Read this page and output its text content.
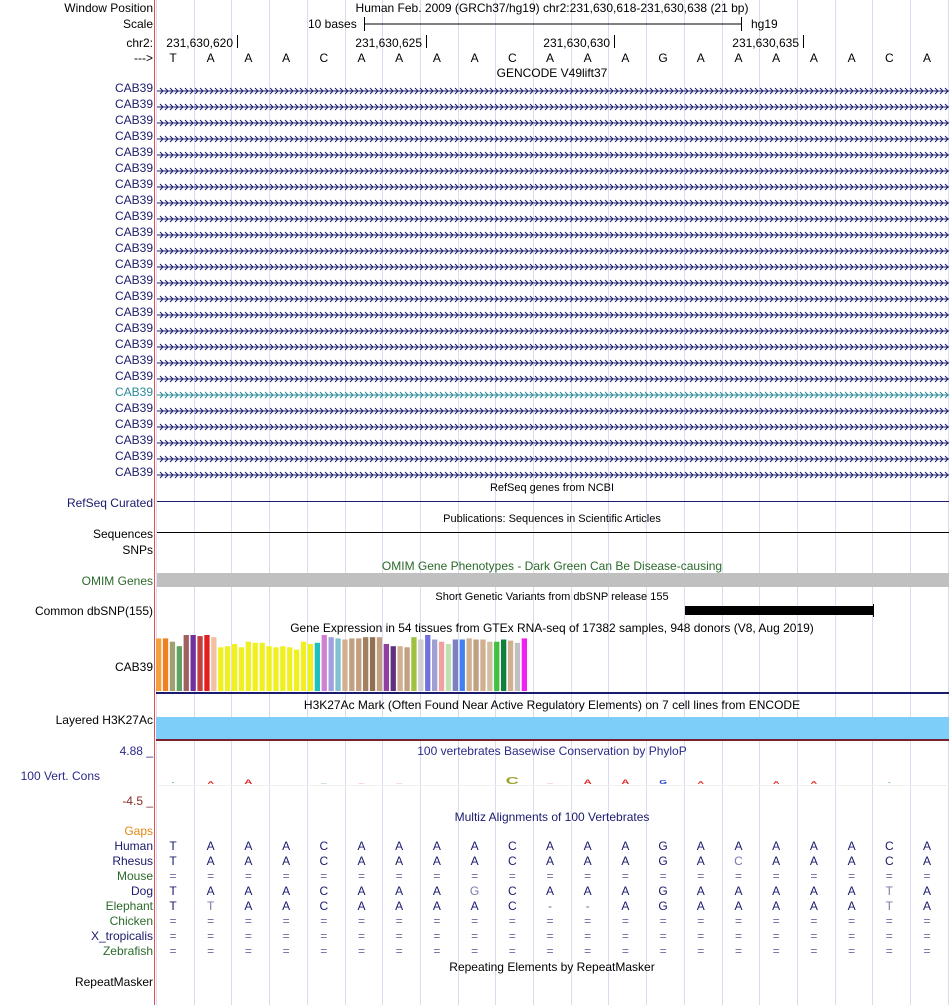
Window Position	Human Feb. 2009 (GRCh37/hg19) chr2:231,630,618-231,630,638 (21 bp)
Scale	10 bases	hg19
chr2: 231,630,620	231,630,625	231,630,630	231,630,635
---> T	A A A C A A A A C A A A G A A A A A C A
GENCODE V49lift37
CAB39
CAB39
CAB39
CAB39
CAB39
CAB39
CAB39
CAB39
CAB39
CAB39
CAB39
CAB39
CAB39
CAB39
CAB39
CAB39
CAB39
CAB39
CAB39
CAB39
CAB39
CAB39
CAB39
CAB39
CAB39
RefSeq Curated
RefSeq genes from NCBI
Sequences
Publications: Sequences in Scientific Articles
SNPs
OMIM Gene Phenotypes - Dark Green Can Be Disease-causing
OMIM Genes
Short Genetic Variants from dbSNP release 155
Common dbSNP(155)
Gene Expression in 54 tissues from GTEx RNA-seq of 17382 samples, 948 donors (V8, Aug 2019)
CAB39
H3K27Ac Mark (Often Found Near Active Regulatory Elements) on 7 cell lines from ENCODE
Layered H3K27Ac
100 vertebrates Basewise Conservation by PhyloP
4.88 _
100 Vert. Cons
-4.5 _
-	A	A	—	—	—	C	—	A	A	G	A	A	A	-
Multiz Alignments of 100 Vertebrates
Gaps
Human T	A A A C A A A A C A A A G A A A A A C A
Rhesus T	A A A C A A A A C A A A G A C A A A C A
Mouse =	=	=	=	=	=	=	=	=	=	=	=	=	=	=	=	=	=	=	=	=
Dog T	A A A C A A A G C A A A G A A A A A	T	A
Elephant T	T	A A C A A A A C	-	-	A G A A A A A	T	A
Chicken =	=	=	=	=	=	=	=	=	=	=	=	=	=	=	=	=	=	=	=	=
X_tropicalis =	=	=	=	=	=	=	=	=	=	=	=	=	=	=	=	=	=	=	=	=
Zebrafish =	=	=	=	=	=	=	=	=	=	=	=	=	=	=	=	=	=	=	=	=
Repeating Elements by RepeatMasker
RepeatMasker
